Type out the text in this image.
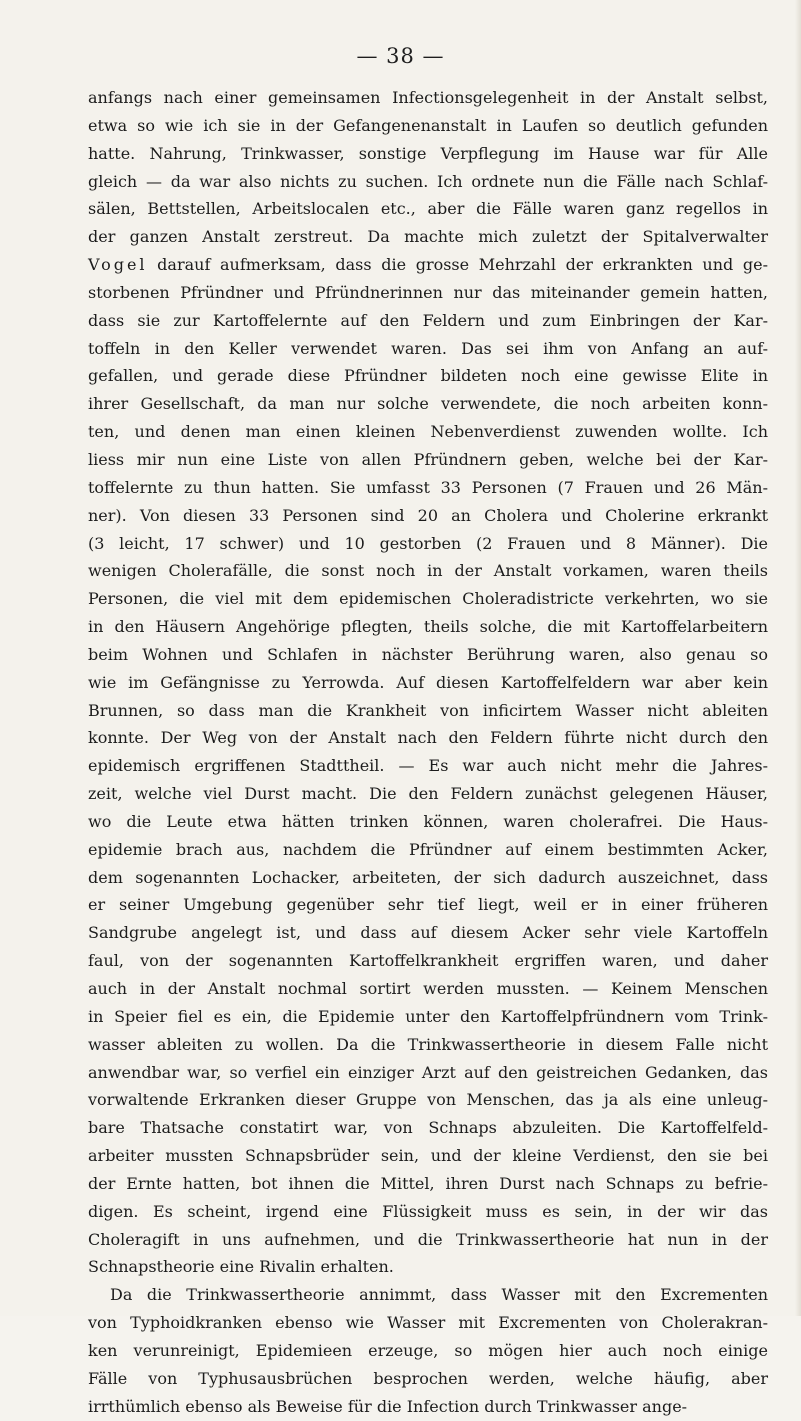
— 38 —
anfangs nach einer gemeinsamen Infectionsgelegenheit in der Anstalt selbst,
etwa so wie ich sie in der Gefangenenanstalt in Laufen so deutlich gefunden
hatte. Nahrung, Trinkwasser, sonstige Verpflegung im Hause war für Alle
gleich — da war also nichts zu suchen. Ich ordnete nun die Fälle nach Schlaf-
sälen, Bettstellen, Arbeitslocalen etc., aber die Fälle waren ganz regellos in
der ganzen Anstalt zerstreut. Da machte mich zuletzt der Spitalverwalter
Vogel darauf aufmerksam, dass die grosse Mehrzahl der erkrankten und ge-
storbenen Pfründner und Pfründnerinnen nur das miteinander gemein hatten,
dass sie zur Kartoffelernte auf den Feldern und zum Einbringen der Kar-
toffeln in den Keller verwendet waren. Das sei ihm von Anfang an auf-
gefallen, und gerade diese Pfründner bildeten noch eine gewisse Elite in
ihrer Gesellschaft, da man nur solche verwendete, die noch arbeiten konn-
ten, und denen man einen kleinen Nebenverdienst zuwenden wollte. Ich
liess mir nun eine Liste von allen Pfründnern geben, welche bei der Kar-
toffelernte zu thun hatten. Sie umfasst 33 Personen (7 Frauen und 26 Män-
ner). Von diesen 33 Personen sind 20 an Cholera und Cholerine erkrankt
(3 leicht, 17 schwer) und 10 gestorben (2 Frauen und 8 Männer). Die
wenigen Cholerafälle, die sonst noch in der Anstalt vorkamen, waren theils
Personen, die viel mit dem epidemischen Choleradistricte verkehrten, wo sie
in den Häusern Angehörige pflegten, theils solche, die mit Kartoffelarbeitern
beim Wohnen und Schlafen in nächster Berührung waren, also genau so
wie im Gefängnisse zu Yerrowda. Auf diesen Kartoffelfeldern war aber kein
Brunnen, so dass man die Krankheit von inficirtem Wasser nicht ableiten
konnte. Der Weg von der Anstalt nach den Feldern führte nicht durch den
epidemisch ergriffenen Stadttheil. — Es war auch nicht mehr die Jahres-
zeit, welche viel Durst macht. Die den Feldern zunächst gelegenen Häuser,
wo die Leute etwa hätten trinken können, waren cholerafrei. Die Haus-
epidemie brach aus, nachdem die Pfründner auf einem bestimmten Acker,
dem sogenannten Lochacker, arbeiteten, der sich dadurch auszeichnet, dass
er seiner Umgebung gegenüber sehr tief liegt, weil er in einer früheren
Sandgrube angelegt ist, und dass auf diesem Acker sehr viele Kartoffeln
faul, von der sogenannten Kartoffelkrankheit ergriffen waren, und daher
auch in der Anstalt nochmal sortirt werden mussten. — Keinem Menschen
in Speier fiel es ein, die Epidemie unter den Kartoffelpfründnern vom Trink-
wasser ableiten zu wollen. Da die Trinkwassertheorie in diesem Falle nicht
anwendbar war, so verfiel ein einziger Arzt auf den geistreichen Gedanken, das
vorwaltende Erkranken dieser Gruppe von Menschen, das ja als eine unleug-
bare Thatsache constatirt war, von Schnaps abzuleiten. Die Kartoffelfeld-
arbeiter mussten Schnapsbrüder sein, und der kleine Verdienst, den sie bei
der Ernte hatten, bot ihnen die Mittel, ihren Durst nach Schnaps zu befrie-
digen. Es scheint, irgend eine Flüssigkeit muss es sein, in der wir das
Choleragift in uns aufnehmen, und die Trinkwassertheorie hat nun in der
Schnapstheorie eine Rivalin erhalten.
Da die Trinkwassertheorie annimmt, dass Wasser mit den Excrementen
von Typhoidkranken ebenso wie Wasser mit Excrementen von Cholerakran-
ken verunreinigt, Epidemieen erzeuge, so mögen hier auch noch einige
Fälle von Typhusausbrüchen besprochen werden, welche häufig, aber
irrthümlich ebenso als Beweise für die Infection durch Trinkwasser ange-
